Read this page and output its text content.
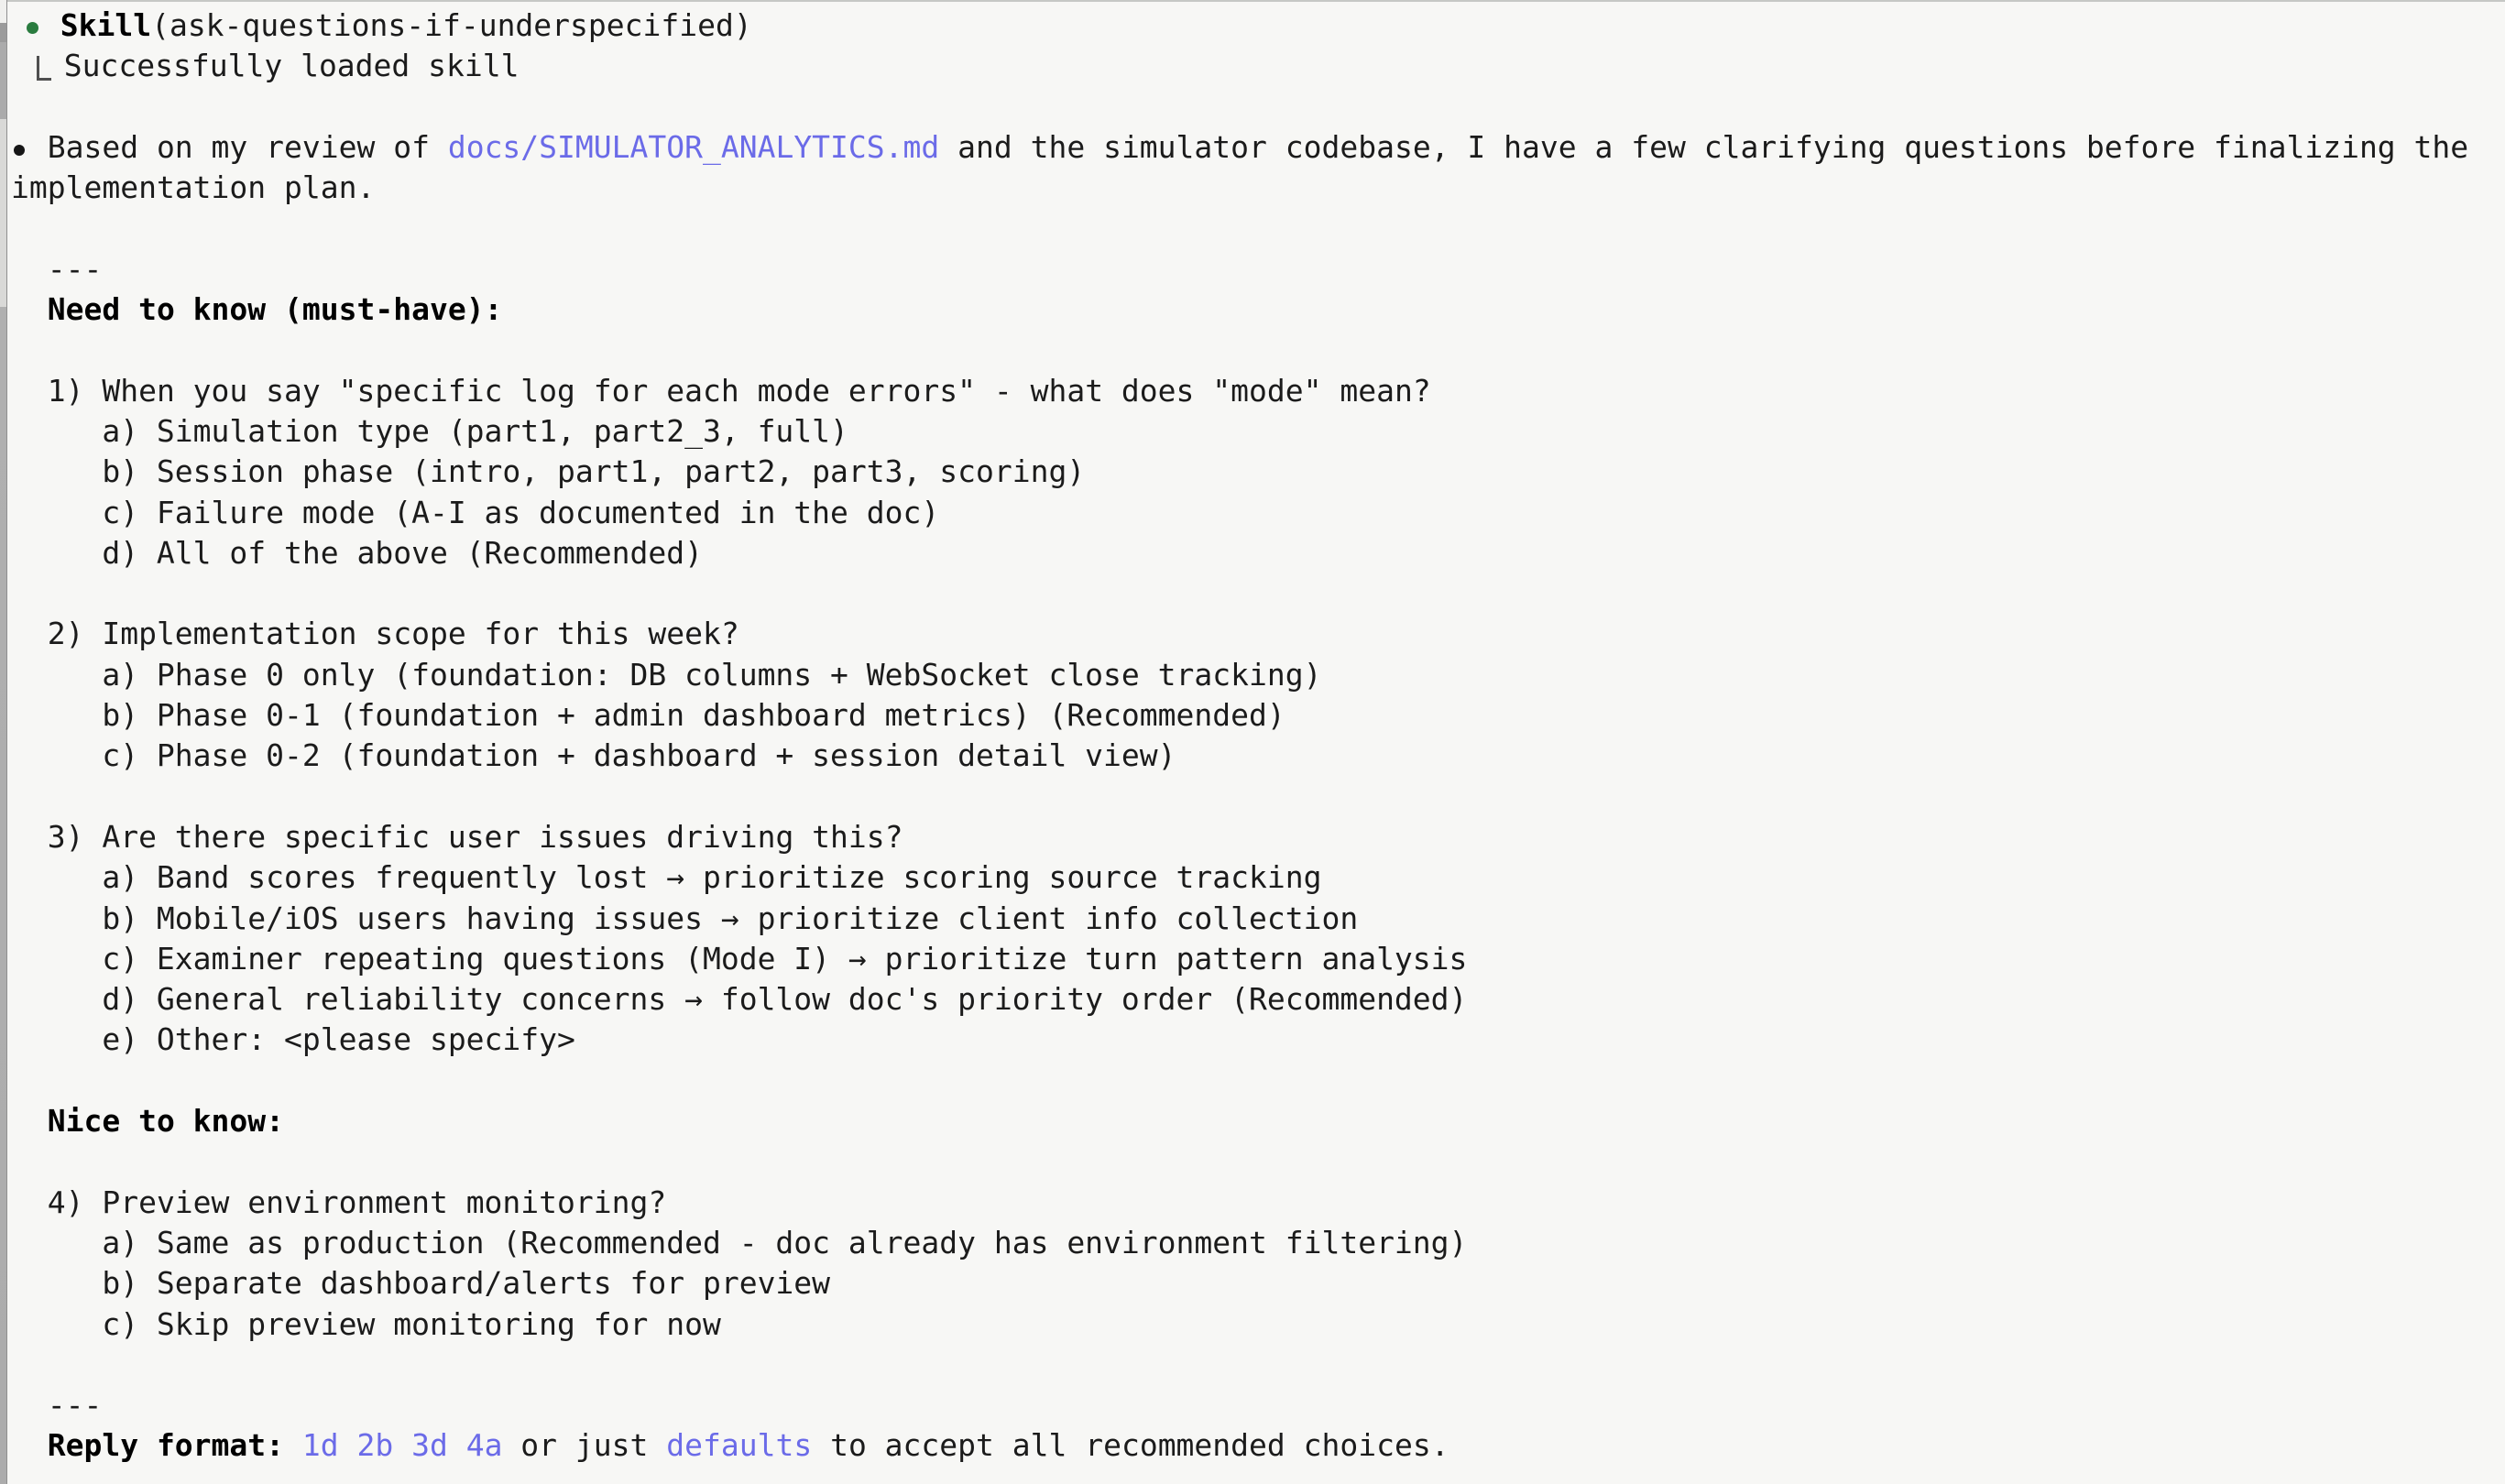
Skill(ask-questions-if-underspecified)
Successfully loaded skill
Based on my review of docs/SIMULATOR_ANALYTICS.md and the simulator codebase, I have a few clarifying questions before finalizing the
implementation plan.
---
Need to know (must-have):
1) When you say "specific log for each mode errors" - what does "mode" mean?
a) Simulation type (part1, part2_3, full)
b) Session phase (intro, part1, part2, part3, scoring)
c) Failure mode (A-I as documented in the doc)
d) All of the above (Recommended)
2) Implementation scope for this week?
a) Phase 0 only (foundation: DB columns + WebSocket close tracking)
b) Phase 0-1 (foundation + admin dashboard metrics) (Recommended)
c) Phase 0-2 (foundation + dashboard + session detail view)
3) Are there specific user issues driving this?
a) Band scores frequently lost → prioritize scoring source tracking
b) Mobile/iOS users having issues → prioritize client info collection
c) Examiner repeating questions (Mode I) → prioritize turn pattern analysis
d) General reliability concerns → follow doc's priority order (Recommended)
e) Other: <please specify>
Nice to know:
4) Preview environment monitoring?
a) Same as production (Recommended - doc already has environment filtering)
b) Separate dashboard/alerts for preview
c) Skip preview monitoring for now
---
Reply format: 1d 2b 3d 4a or just defaults to accept all recommended choices.
